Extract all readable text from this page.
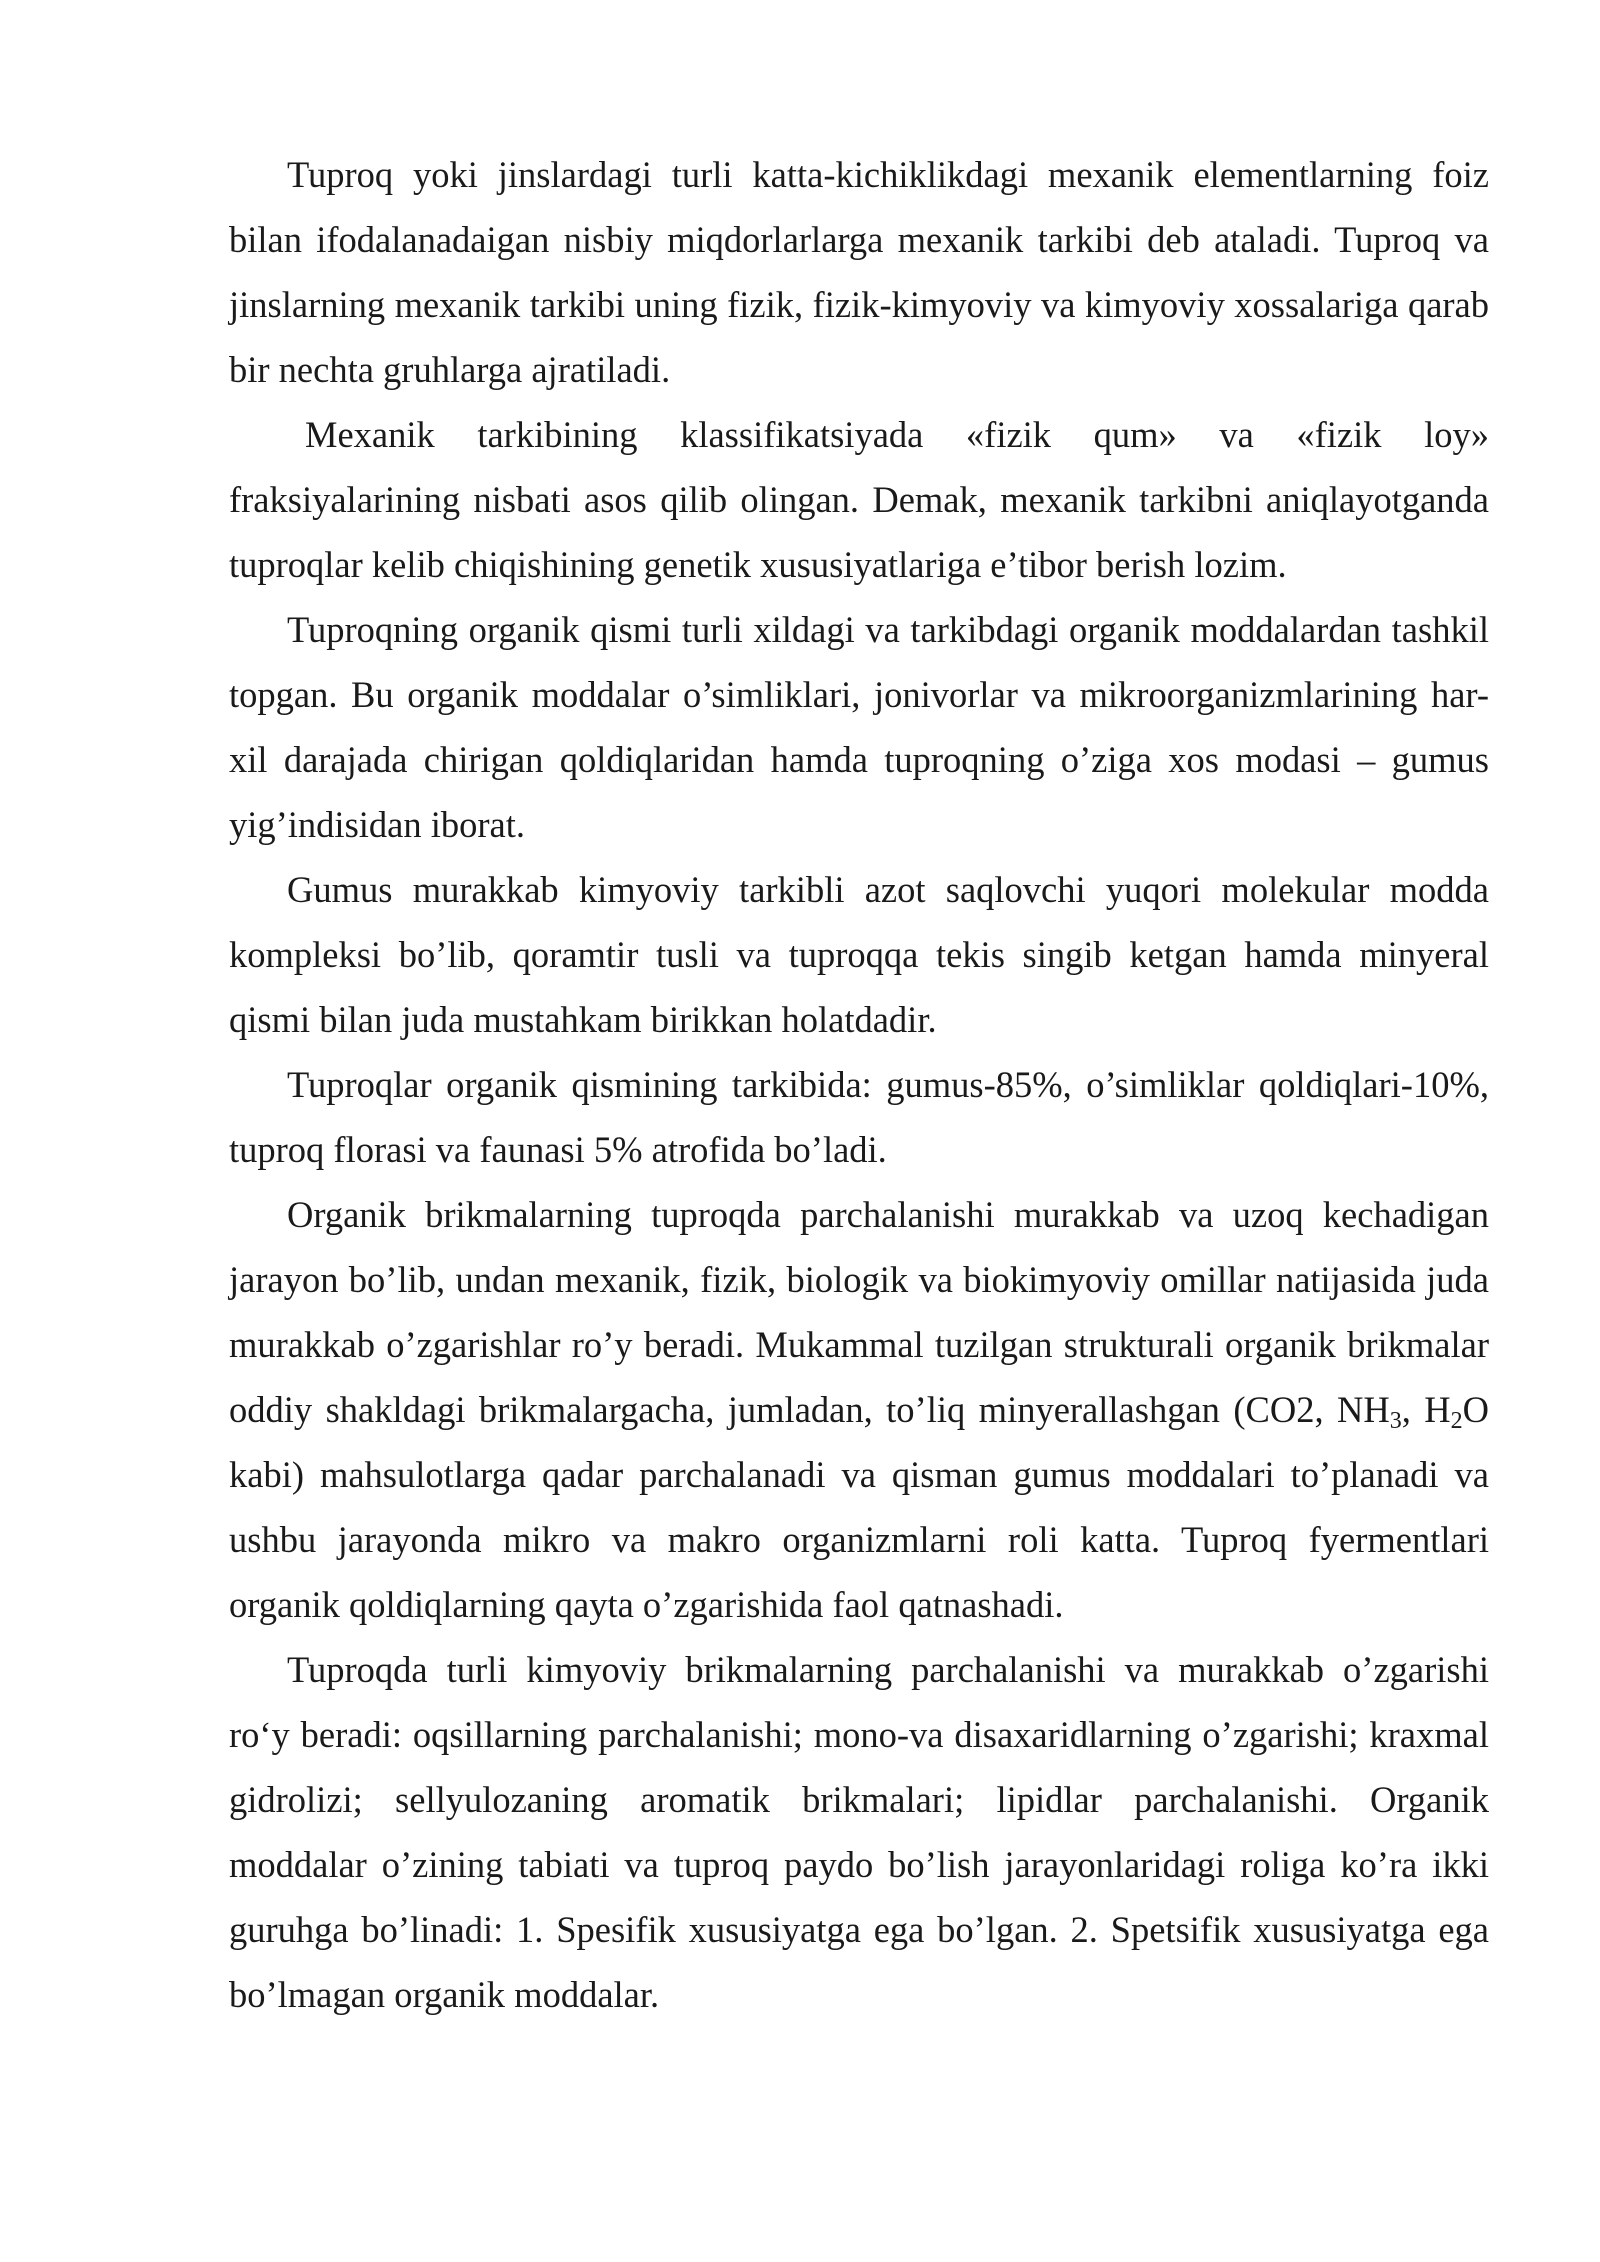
Tuproq yoki jinslardagi turli katta-kichiklikdagi mexanik elementlarning foiz bilan ifodalanadaigan nisbiy miqdorlarlarga mexanik tarkibi deb ataladi. Tuproq va jinslarning mexanik tarkibi uning fizik, fizik-kimyoviy va kimyoviy xossalariga qarab bir nechta gruhlarga ajratiladi.

Mexanik tarkibining klassifikatsiyada «fizik qum» va «fizik loy» fraksiyalarining nisbati asos qilib olingan. Demak, mexanik tarkibni aniqlayotganda tuproqlar kelib chiqishining genetik xususiyatlariga e’tibor berish lozim.

Tuproqning organik qismi turli xildagi va tarkibdagi organik moddalardan tashkil topgan. Bu organik moddalar o’simliklari, jonivorlar va mikroorganizmlarining har-xil darajada chirigan qoldiqlaridan hamda tuproqning o’ziga xos modasi – gumus yig’indisidan iborat.

Gumus murakkab kimyoviy tarkibli azot saqlovchi yuqori molekular modda kompleksi bo’lib, qoramtir tusli va tuproqqa tekis singib ketgan hamda minyeral qismi bilan juda mustahkam birikkan holatdadir.

Tuproqlar organik qismining tarkibida: gumus-85%, o’simliklar qoldiqlari-10%, tuproq florasi va faunasi 5% atrofida bo’ladi.

Organik brikmalarning tuproqda parchalanishi murakkab va uzoq kechadigan jarayon bo’lib, undan mexanik, fizik, biologik va biokimyoviy omillar natijasida juda murakkab o’zgarishlar ro’y beradi. Mukammal tuzilgan strukturali organik brikmalar oddiy shakldagi brikmalargacha, jumladan, to’liq minyerallashgan (CO2, $NH_3$, $H_2O$ kabi) mahsulotlarga qadar parchalanadi va qisman gumus moddalari to’planadi va ushbu jarayonda mikro va makro organizmlarni roli katta. Tuproq fyermentlari organik qoldiqlarning qayta o’zgarishida faol qatnashadi.

Tuproqda turli kimyoviy brikmalarning parchalanishi va murakkab o’zgarishi ro‘y beradi: oqsillarning parchalanishi; mono-va disaxaridlarning o’zgarishi; kraxmal gidrolizi; sellyulozaning aromatik brikmalari; lipidlar parchalanishi. Organik moddalar o’zining tabiati va tuproq paydo bo’lish jarayonlaridagi roliga ko’ra ikki guruhga bo’linadi: 1. Spesifik xususiyatga ega bo’lgan. 2. Spetsifik xususiyatga ega bo’lmagan organik moddalar.
